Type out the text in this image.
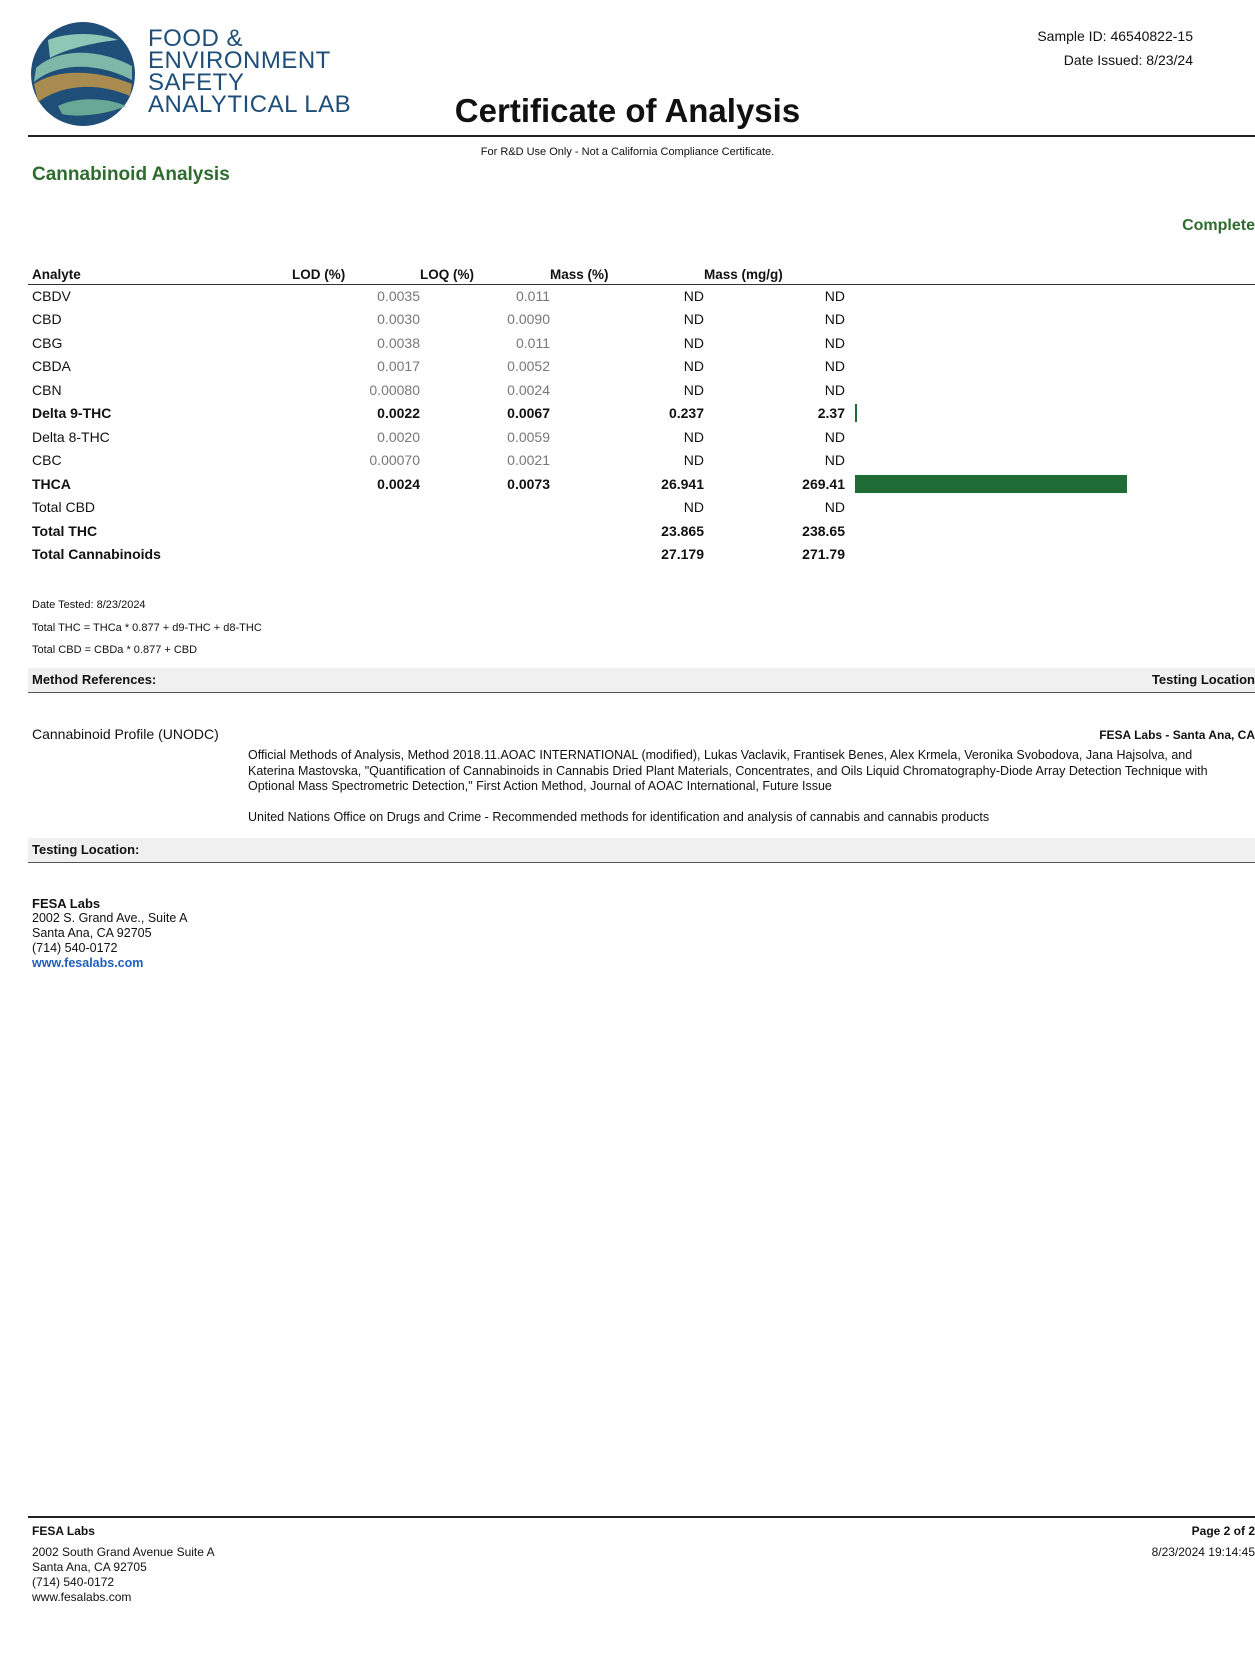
FOOD &
ENVIRONMENT
SAFETY
ANALYTICAL LAB	Certificate of Analysis
Sample ID: 46540822-15
Date Issued: 8/23/24
For R&D Use Only - Not a California Compliance Certificate.
Cannabinoid Analysis
Complete
Analyte	LOD (%)	LOQ (%)	Mass (%)	Mass (mg/g)	
CBDV	0.0035	0.011	ND	ND	
CBD	0.0030	0.0090	ND	ND	
CBG	0.0038	0.011	ND	ND	
CBDA	0.0017	0.0052	ND	ND	
CBN	0.00080	0.0024	ND	ND	
Delta 9-THC	0.0022	0.0067	0.237	2.37	

Delta 8-THC	0.0020	0.0059	ND	ND	
CBC	0.00070	0.0021	ND	ND	
THCA	0.0024	0.0073	26.941	269.41	

Total CBD			ND	ND	
Total THC			23.865	238.65	
Total Cannabinoids			27.179	271.79	
Date Tested: 8/23/2024
Total THC = THCa * 0.877 + d9-THC + d8-THC
Total CBD = CBDa * 0.877 + CBD
Method References:	Testing Location
Cannabinoid Profile (UNODC)	FESA Labs - Santa Ana, CA
Official Methods of Analysis, Method 2018.11.AOAC INTERNATIONAL (modified), Lukas Vaclavik, Frantisek Benes, Alex Krmela, Veronika Svobodova, Jana Hajsolva, and Katerina Mastovska, "Quantification of Cannabinoids in Cannabis Dried Plant Materials, Concentrates, and Oils Liquid Chromatography-Diode Array Detection Technique with Optional Mass Spectrometric Detection," First Action Method, Journal of AOAC International, Future Issue
United Nations Office on Drugs and Crime - Recommended methods for identification and analysis of cannabis and cannabis products
Testing Location:
FESA Labs
2002 S. Grand Ave., Suite A
Santa Ana, CA 92705
(714) 540-0172
www.fesalabs.com
FESA Labs
2002 South Grand Avenue Suite A
Santa Ana, CA 92705
(714) 540-0172
www.fesalabs.com
Page 2 of 2
8/23/2024 19:14:45
